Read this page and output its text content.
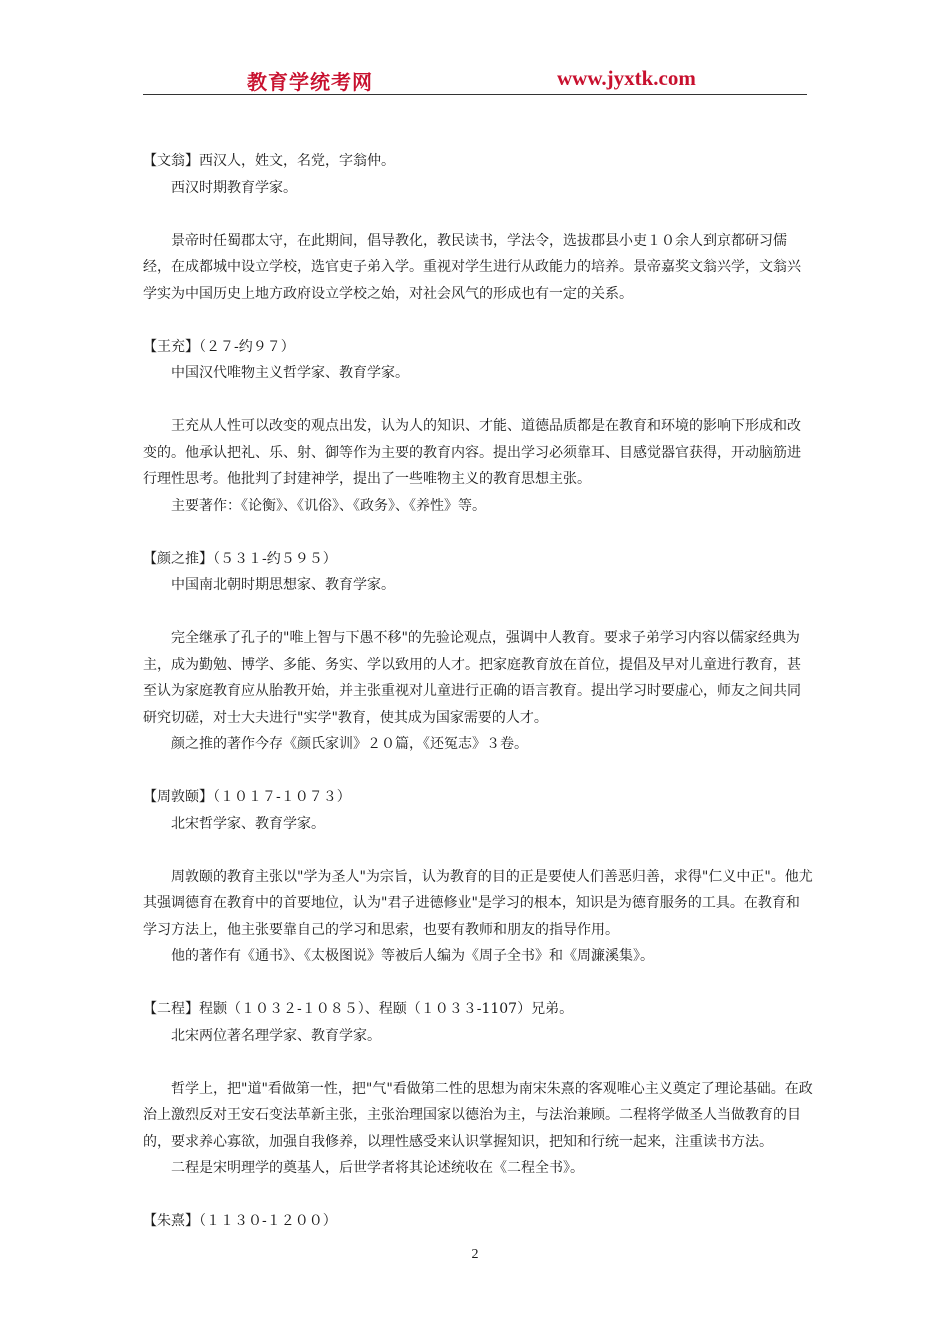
教育学统考网	www.jyxtk.com

【文翁】西汉人，姓文，名党，字翁仲。

西汉时期教育学家。

景帝时任蜀郡太守，在此期间，倡导教化，教民读书，学法令，选拔郡县小吏１０余人到京都研习儒经，在成都城中设立学校，选官吏子弟入学。重视对学生进行从政能力的培养。景帝嘉奖文翁兴学，文翁兴学实为中国历史上地方政府设立学校之始，对社会风气的形成也有一定的关系。

【王充】（２７-约９７）

中国汉代唯物主义哲学家、教育学家。

王充从人性可以改变的观点出发，认为人的知识、才能、道德品质都是在教育和环境的影响下形成和改变的。他承认把礼、乐、射、御等作为主要的教育内容。提出学习必须靠耳、目感觉器官获得，开动脑筋进行理性思考。他批判了封建神学，提出了一些唯物主义的教育思想主张。

主要著作：《论衡》、《讥俗》、《政务》、《养性》等。

【颜之推】（５３１-约５９５）

中国南北朝时期思想家、教育学家。

完全继承了孔子的"唯上智与下愚不移"的先验论观点，强调中人教育。要求子弟学习内容以儒家经典为主，成为勤勉、博学、多能、务实、学以致用的人才。把家庭教育放在首位，提倡及早对儿童进行教育，甚至认为家庭教育应从胎教开始，并主张重视对儿童进行正确的语言教育。提出学习时要虚心，师友之间共同研究切磋，对士大夫进行"实学"教育，使其成为国家需要的人才。

颜之推的著作今存《颜氏家训》２０篇，《还冤志》３卷。

【周敦颐】（１０１７-１０７３）

北宋哲学家、教育学家。

周敦颐的教育主张以"学为圣人"为宗旨，认为教育的目的正是要使人们善恶归善，求得"仁义中正"。他尤其强调德育在教育中的首要地位，认为"君子进德修业"是学习的根本，知识是为德育服务的工具。在教育和学习方法上，他主张要靠自己的学习和思索，也要有教师和朋友的指导作用。

他的著作有《通书》、《太极图说》等被后人编为《周子全书》和《周濂溪集》。

【二程】程颢（１０３２-１０８５）、程颐（１０３３-1107）兄弟。

北宋两位著名理学家、教育学家。

哲学上，把"道"看做第一性，把"气"看做第二性的思想为南宋朱熹的客观唯心主义奠定了理论基础。在政治上激烈反对王安石变法革新主张，主张治理国家以德治为主，与法治兼顾。二程将学做圣人当做教育的目的，要求养心寡欲，加强自我修养，以理性感受来认识掌握知识，把知和行统一起来，注重读书方法。

二程是宋明理学的奠基人，后世学者将其论述统收在《二程全书》。

【朱熹】（１１３０-１２００）

2
